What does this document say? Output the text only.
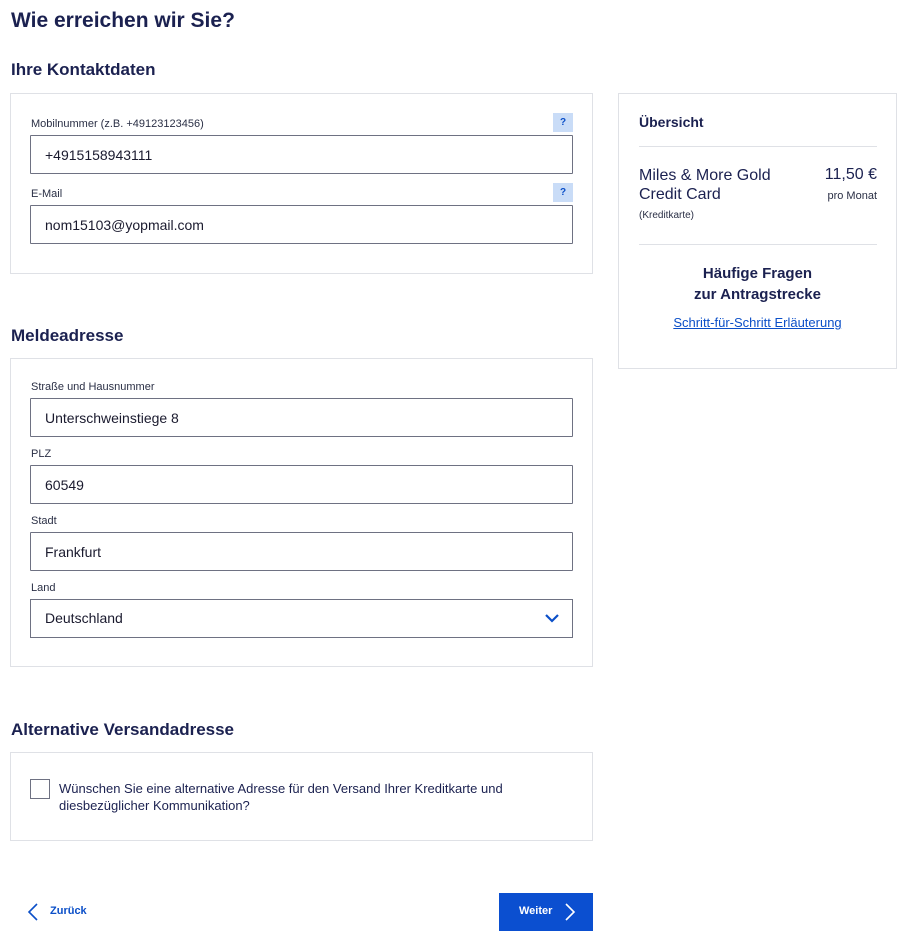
Wie erreichen wir Sie?
Ihre Kontaktdaten
Mobilnummer (z.B. +49123123456)	?
+4915158943111
E-Mail	?
nom15103@yopmail.com
Meldeadresse
Straße und Hausnummer
Unterschweinstiege 8
PLZ
60549
Stadt
Frankfurt
Land
Deutschland
Alternative Versandadresse
Wünschen Sie eine alternative Adresse für den Versand Ihrer Kreditkarte und diesbezüglicher Kommunikation?
Übersicht
Miles & More Gold Credit Card
(Kreditkarte)
11,50 €
pro Monat
Häufige Fragen
zur Antragstrecke
Schritt-für-Schritt Erläuterung
Zurück	Weiter
